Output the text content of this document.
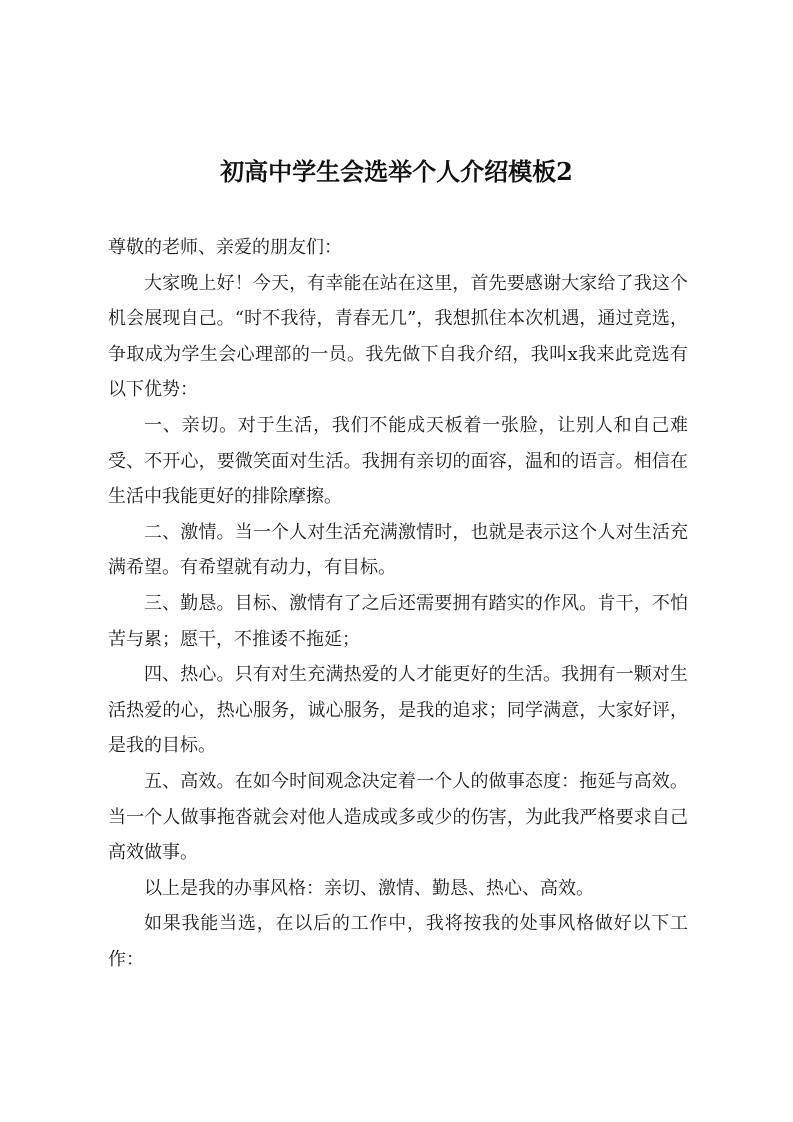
初高中学生会选举个人介绍模板2

尊敬的老师、亲爱的朋友们：

大家晚上好！今天，有幸能在站在这里，首先要感谢大家给了我这个机会展现自己。“时不我待，青春无几”，我想抓住本次机遇，通过竞选，争取成为学生会心理部的一员。我先做下自我介绍，我叫x我来此竞选有以下优势：

一、亲切。对于生活，我们不能成天板着一张脸，让别人和自己难受、不开心，要微笑面对生活。我拥有亲切的面容，温和的语言。相信在生活中我能更好的排除摩擦。

二、激情。当一个人对生活充满激情时，也就是表示这个人对生活充满希望。有希望就有动力，有目标。

三、勤恳。目标、激情有了之后还需要拥有踏实的作风。肯干，不怕苦与累；愿干，不推诿不拖延；

四、热心。只有对生充满热爱的人才能更好的生活。我拥有一颗对生活热爱的心，热心服务，诚心服务，是我的追求；同学满意，大家好评，是我的目标。

五、高效。在如今时间观念决定着一个人的做事态度：拖延与高效。当一个人做事拖沓就会对他人造成或多或少的伤害，为此我严格要求自己高效做事。

以上是我的办事风格：亲切、激情、勤恳、热心、高效。

如果我能当选，在以后的工作中，我将按我的处事风格做好以下工作：
